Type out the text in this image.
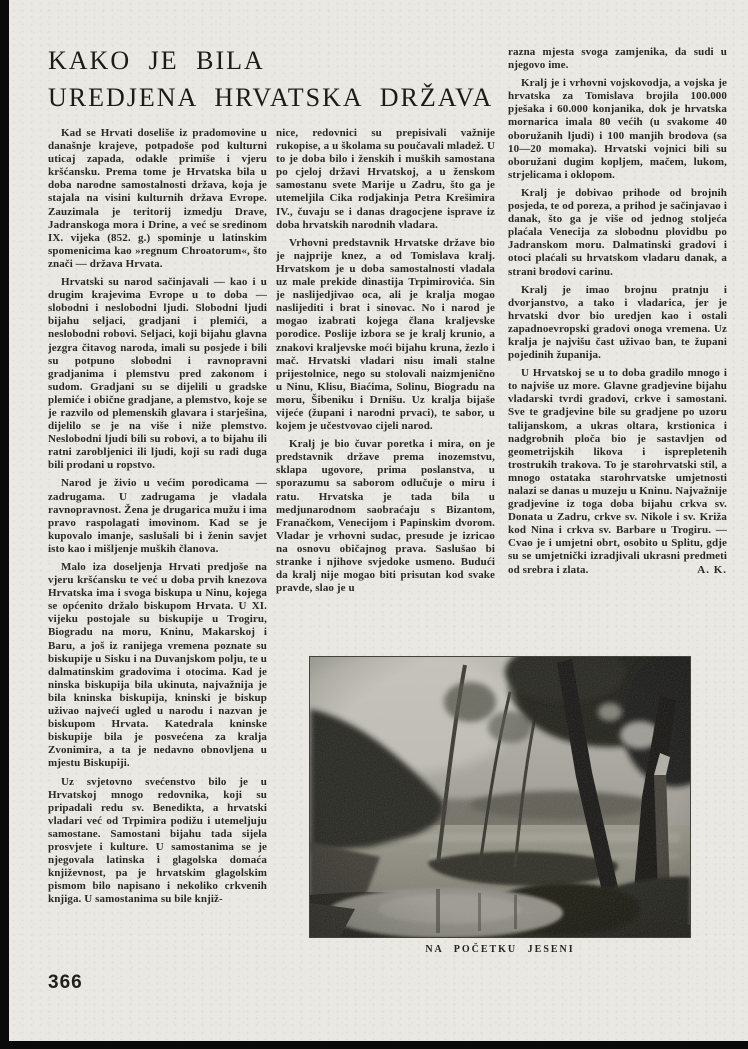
KAKO JE BILA
UREDJENA HRVATSKA DRŽAVA

Kad se Hrvati doseliše iz pradomovine u današnje krajeve, potpadoše pod kulturni uticaj zapada, odakle primiše i vjeru kršćansku. Prema tome je Hrvatska bila u doba narodne samostalnosti država, koja je stajala na visini kulturnih država Evrope. Zauzimala je teritorij izmedju Drave, Jadranskoga mora i Drine, a već se sredinom IX. vijeka (852. g.) spominje u latinskim spomenicima kao »regnum Chroatorum«, što znači — država Hrvata.

Hrvatski su narod sačinjavali — kao i u drugim krajevima Evrope u to doba — slobodni i neslobodni ljudi. Slobodni ljudi bijahu seljaci, gradjani i plemići, a neslobodni robovi. Seljaci, koji bijahu glavna jezgra čitavog naroda, imali su posjede i bili su potpuno slobodni i ravnopravni gradjanima i plemstvu pred zakonom i sudom. Gradjani su se dijelili u gradske plemiće i obične gradjane, a plemstvo, koje se je razvilo od plemenskih glavara i starješina, dijelilo se je na više i niže plemstvo. Neslobodni ljudi bili su robovi, a to bijahu ili ratni zarobljenici ili ljudi, koji su radi duga bili prodani u ropstvo.

Narod je živio u većim porodicama — zadrugama. U zadrugama je vladala ravnopravnost. Žena je drugarica mužu i ima pravo raspolagati imovinom. Kad se je kupovalo imanje, saslušali bi i ženin savjet isto kao i mišljenje muških članova.

Malo iza doseljenja Hrvati predjoše na vjeru kršćansku te već u doba prvih knezova Hrvatska ima i svoga biskupa u Ninu, kojega se općenito držalo biskupom Hrvata. U XI. vijeku postojale su biskupije u Trogiru, Biogradu na moru, Kninu, Makarskoj i Baru, a još iz ranijega vremena poznate su biskupije u Sisku i na Duvanjskom polju, te u dalmatinskim gradovima i otocima. Kad je ninska biskupija bila ukinuta, najvažnija je bila kninska biskupija, kninski je biskup uživao najveći ugled u narodu i nazvan je biskupom Hrvata. Katedrala kninske biskupije bila je posvećena za kralja Zvonimira, a ta je nedavno obnovljena u mjestu Biskupiji.

Uz svjetovno svećenstvo bilo je u Hrvatskoj mnogo redovnika, koji su pripadali redu sv. Benedikta, a hrvatski vladari već od Trpimira podižu i utemeljuju samostane. Samostani bijahu tada sijela prosvjete i kulture. U samostanima se je njegovala latinska i glagolska domaća književnost, pa je hrvatskim glagolskim pismom bilo napisano i nekoliko crkvenih knjiga. U samostanima su bile knjiž-

nice, redovnici su prepisivali važnije rukopise, a u školama su poučavali mladež. U to je doba bilo i ženskih i muških samostana po cjeloj državi Hrvatskoj, a u ženskom samostanu svete Marije u Zadru, što ga je utemeljila Cika rodjakinja Petra Krešimira IV., čuvaju se i danas dragocjene isprave iz doba hrvatskih narodnih vladara.

Vrhovni predstavnik Hrvatske države bio je najprije knez, a od Tomislava kralj. Hrvatskom je u doba samostalnosti vladala uz male prekide dinastija Trpimirovića. Sin je naslijedjivao oca, ali je kralja mogao naslijediti i brat i sinovac. No i narod je mogao izabrati kojega člana kraljevske porodice. Poslije izbora se je kralj krunio, a znakovi kraljevske moći bijahu kruna, žezlo i mač. Hrvatski vladari nisu imali stalne prijestolnice, nego su stolovali naizmjenično u Ninu, Klisu, Biaćima, Solinu, Biogradu na moru, Šibeniku i Drnišu. Uz kralja bijaše vijeće (župani i narodni prvaci), te sabor, u kojem je učestvovao cijeli narod.

Kralj je bio čuvar poretka i mira, on je predstavnik države prema inozemstvu, sklapa ugovore, prima poslanstva, u sporazumu sa saborom odlučuje o miru i ratu. Hrvatska je tada bila u medjunarodnom saobraćaju s Bizantom, Franačkom, Venecijom i Papinskim dvorom. Vladar je vrhovni sudac, presude je izricao na osnovu običajnog prava. Saslušao bi stranke i njihove svjedoke usmeno. Budući da kralj nije mogao biti prisutan kod svake pravde, slao je u

razna mjesta svoga zamjenika, da sudi u njegovo ime.

Kralj je i vrhovni vojskovodja, a vojska je hrvatska za Tomislava brojila 100.000 pješaka i 60.000 konjanika, dok je hrvatska mornarica imala 80 većih (u svakome 40 oboružanih ljudi) i 100 manjih brodova (sa 10—20 momaka). Hrvatski vojnici bili su oboružani dugim kopljem, mačem, lukom, strjelicama i oklopom.

Kralj je dobivao prihode od brojnih posjeda, te od poreza, a prihod je sačinjavao i danak, što ga je više od jednog stoljeća plaćala Venecija za slobodnu plovidbu po Jadranskom moru. Dalmatinski gradovi i otoci plaćali su hrvatskom vladaru danak, a strani brodovi carinu.

Kralj je imao brojnu pratnju i dvorjanstvo, a tako i vladarica, jer je hrvatski dvor bio uredjen kao i ostali zapadnoevropski gradovi onoga vremena. Uz kralja je najvišu čast uživao ban, te župani pojedinih županija.

U Hrvatskoj se u to doba gradilo mnogo i to najviše uz more. Glavne gradjevine bijahu vladarski tvrdi gradovi, crkve i samostani. Sve te gradjevine bile su gradjene po uzoru talijanskom, a ukras oltara, krstionica i nadgrobnih ploča bio je sastavljen od geometrijskih likova i isprepletenih trostrukih trakova. To je starohrvatski stil, a mnogo ostataka starohrvatske umjetnosti nalazi se danas u muzeju u Kninu. Najvažnije gradjevine iz toga doba bijahu crkva sv. Donata u Zadru, crkve sv. Nikole i sv. Križa kod Nina i crkva sv. Barbare u Trogiru. — Cvao je i umjetni obrt, osobito u Splitu, gdje su se umjetnički izradjivali ukrasni predmeti od srebra i zlata.	A. K.

NA POČETKU JESENI
366
